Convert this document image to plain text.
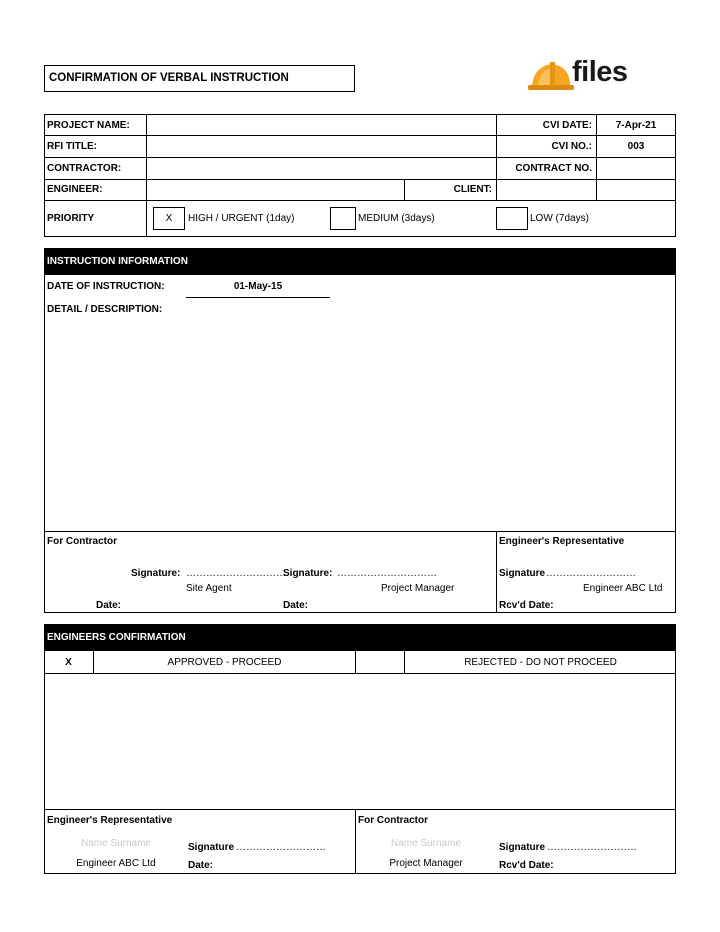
CONFIRMATION OF VERBAL INSTRUCTION	files
PROJECT NAME:	CVI DATE:	7-Apr-21
RFI TITLE:	CVI NO.:	003
CONTRACTOR:	CONTRACT NO.
ENGINEER:	CLIENT:
PRIORITY	X	HIGH / URGENT (1day)	MEDIUM (3days)	LOW (7days)
INSTRUCTION INFORMATION
DATE OF INSTRUCTION:	01-May-15
DETAIL / DESCRIPTION:
For Contractor
Signature: …………………………
Site Agent
Date:
Signature: …………………………
Project Manager
Date:
Engineer's Representative
Signature ………………………
Engineer ABC Ltd
Rcv'd Date:
ENGINEERS CONFIRMATION
X	APPROVED - PROCEED	REJECTED - DO NOT PROCEED
Engineer's Representative
Name Surname
Engineer ABC Ltd
Signature ………………………
Date:
For Contractor
Name Surname
Project Manager
Signature ………………………
Rcv'd Date:
